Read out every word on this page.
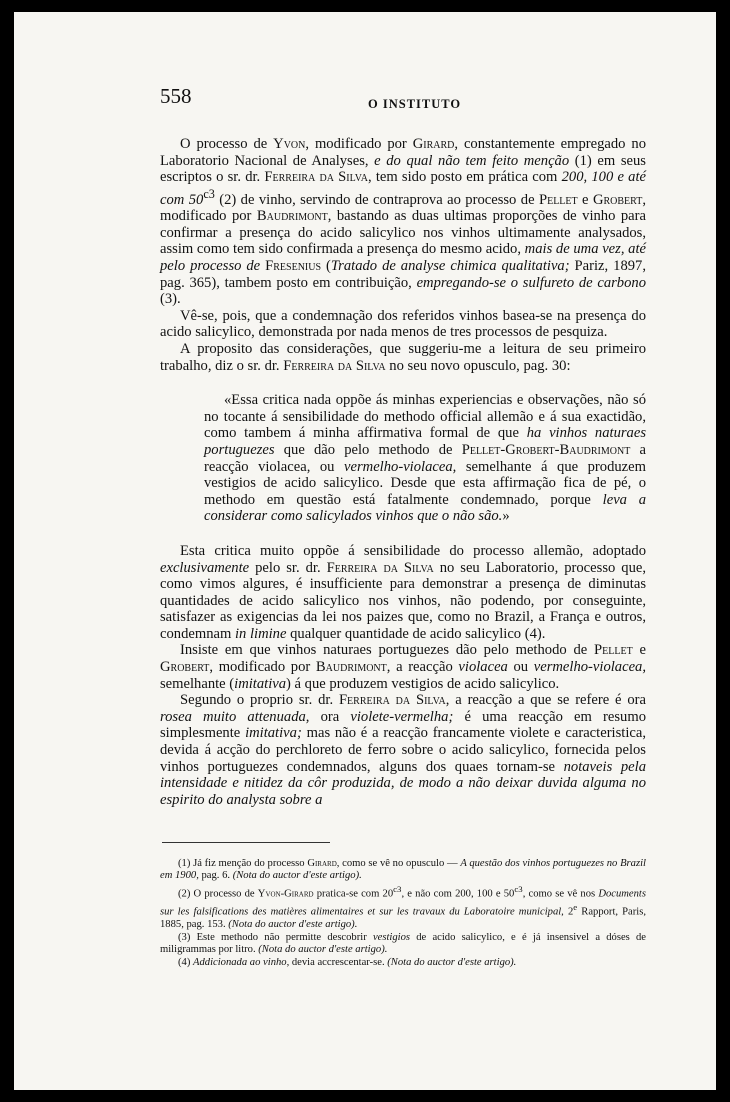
558	O INSTITUTO

O processo de Yvon, modificado por Girard, constantemente empregado no Laboratorio Nacional de Analyses, e do qual não tem feito menção (1) em seus escriptos o sr. dr. Ferreira da Silva, tem sido posto em prática com 200, 100 e até com $50^{c3}$ (2) de vinho, servindo de contraprova ao processo de Pellet e Grobert, modificado por Baudrimont, bastando as duas ultimas proporções de vinho para confirmar a presença do acido salicylico nos vinhos ultimamente analysados, assim como tem sido confirmada a presença do mesmo acido, mais de uma vez, até pelo processo de Fresenius (Tratado de analyse chimica qualitativa; Pariz, 1897, pag. 365), tambem posto em contribuição, empregando-se o sulfureto de carbono (3).

Vê-se, pois, que a condemnação dos referidos vinhos basea-se na presença do acido salicylico, demonstrada por nada menos de tres processos de pesquiza.

A proposito das considerações, que suggeriu-me a leitura de seu primeiro trabalho, diz o sr. dr. Ferreira da Silva no seu novo opusculo, pag. 30:

«Essa critica nada oppõe ás minhas experiencias e observações, não só no tocante á sensibilidade do methodo official allemão e á sua exactidão, como tambem á minha affirmativa formal de que ha vinhos naturaes portuguezes que dão pelo methodo de Pellet-Grobert-Baudrimont a reacção violacea, ou vermelho-violacea, semelhante á que produzem vestigios de acido salicylico. Desde que esta affirmação fica de pé, o methodo em questão está fatalmente condemnado, porque leva a considerar como salicylados vinhos que o não são.»

Esta critica muito oppõe á sensibilidade do processo allemão, adoptado exclusivamente pelo sr. dr. Ferreira da Silva no seu Laboratorio, processo que, como vimos algures, é insufficiente para demonstrar a presença de diminutas quantidades de acido salicylico nos vinhos, não podendo, por conseguinte, satisfazer as exigencias da lei nos paizes que, como no Brazil, a França e outros, condemnam in limine qualquer quantidade de acido salicylico (4).

Insiste em que vinhos naturaes portuguezes dão pelo methodo de Pellet e Grobert, modificado por Baudrimont, a reacção violacea ou vermelho-violacea, semelhante (imitativa) á que produzem vestigios de acido salicylico.

Segundo o proprio sr. dr. Ferreira da Silva, a reacção a que se refere é ora rosea muito attenuada, ora violete-vermelha; é uma reacção em resumo simplesmente imitativa; mas não é a reacção francamente violete e caracteristica, devida á acção do perchloreto de ferro sobre o acido salicylico, fornecida pelos vinhos portuguezes condemnados, alguns dos quaes tornam-se notaveis pela intensidade e nitidez da côr produzida, de modo a não deixar duvida alguma no espirito do analysta sobre a

(1) Já fiz menção do processo Girard, como se vê no opusculo — A questão dos vinhos portuguezes no Brazil em 1900, pag. 6. (Nota do auctor d'este artigo).

(2) O processo de Yvon-Girard pratica-se com $20^{c3}$, e não com 200, 100 e $50^{c3}$, como se vê nos Documents sur les falsifications des matières alimentaires et sur les travaux du Laboratoire municipal, 2e Rapport, Paris, 1885, pag. 153. (Nota do auctor d'este artigo).

(3) Este methodo não permitte descobrir vestigios de acido salicylico, e é já insensivel a dóses de miligrammas por litro. (Nota do auctor d'este artigo).

(4) Addicionada ao vinho, devia accrescentar-se. (Nota do auctor d'este artigo).
